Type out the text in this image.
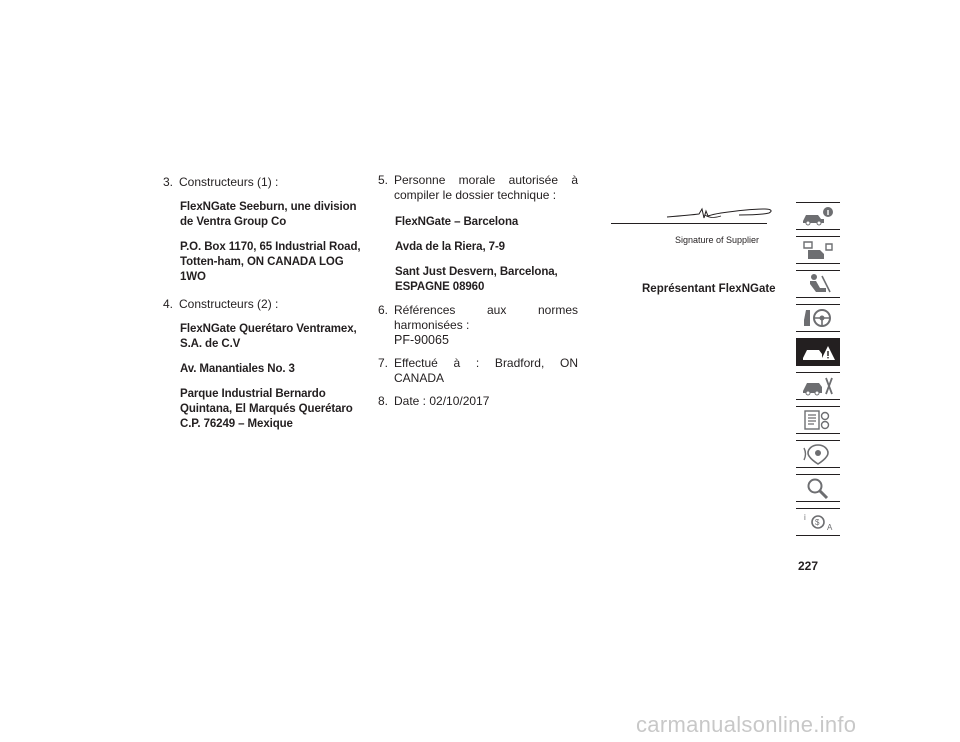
3. Constructeurs (1) :
FlexNGate Seeburn, une division de Ventra Group Co
P.O. Box 1170, 65 Industrial Road, Totten-ham, ON CANADA LOG 1WO
4. Constructeurs (2) :
FlexNGate Querétaro Ventramex, S.A. de C.V
Av. Manantiales No. 3
Parque Industrial Bernardo Quintana, El Marqués Querétaro C.P. 76249 – Mexique
5. Personne morale autorisée à compiler le dossier technique :
FlexNGate – Barcelona
Avda de la Riera, 7-9
Sant Just Desvern, Barcelona, ESPAGNE 08960
6. Références aux normes harmonisées :
PF-90065
7. Effectué à : Bradford, ON CANADA
8. Date : 02/10/2017
Signature of Supplier
Représentant FlexNGate
i
$
A
227
carmanualsonline.info
